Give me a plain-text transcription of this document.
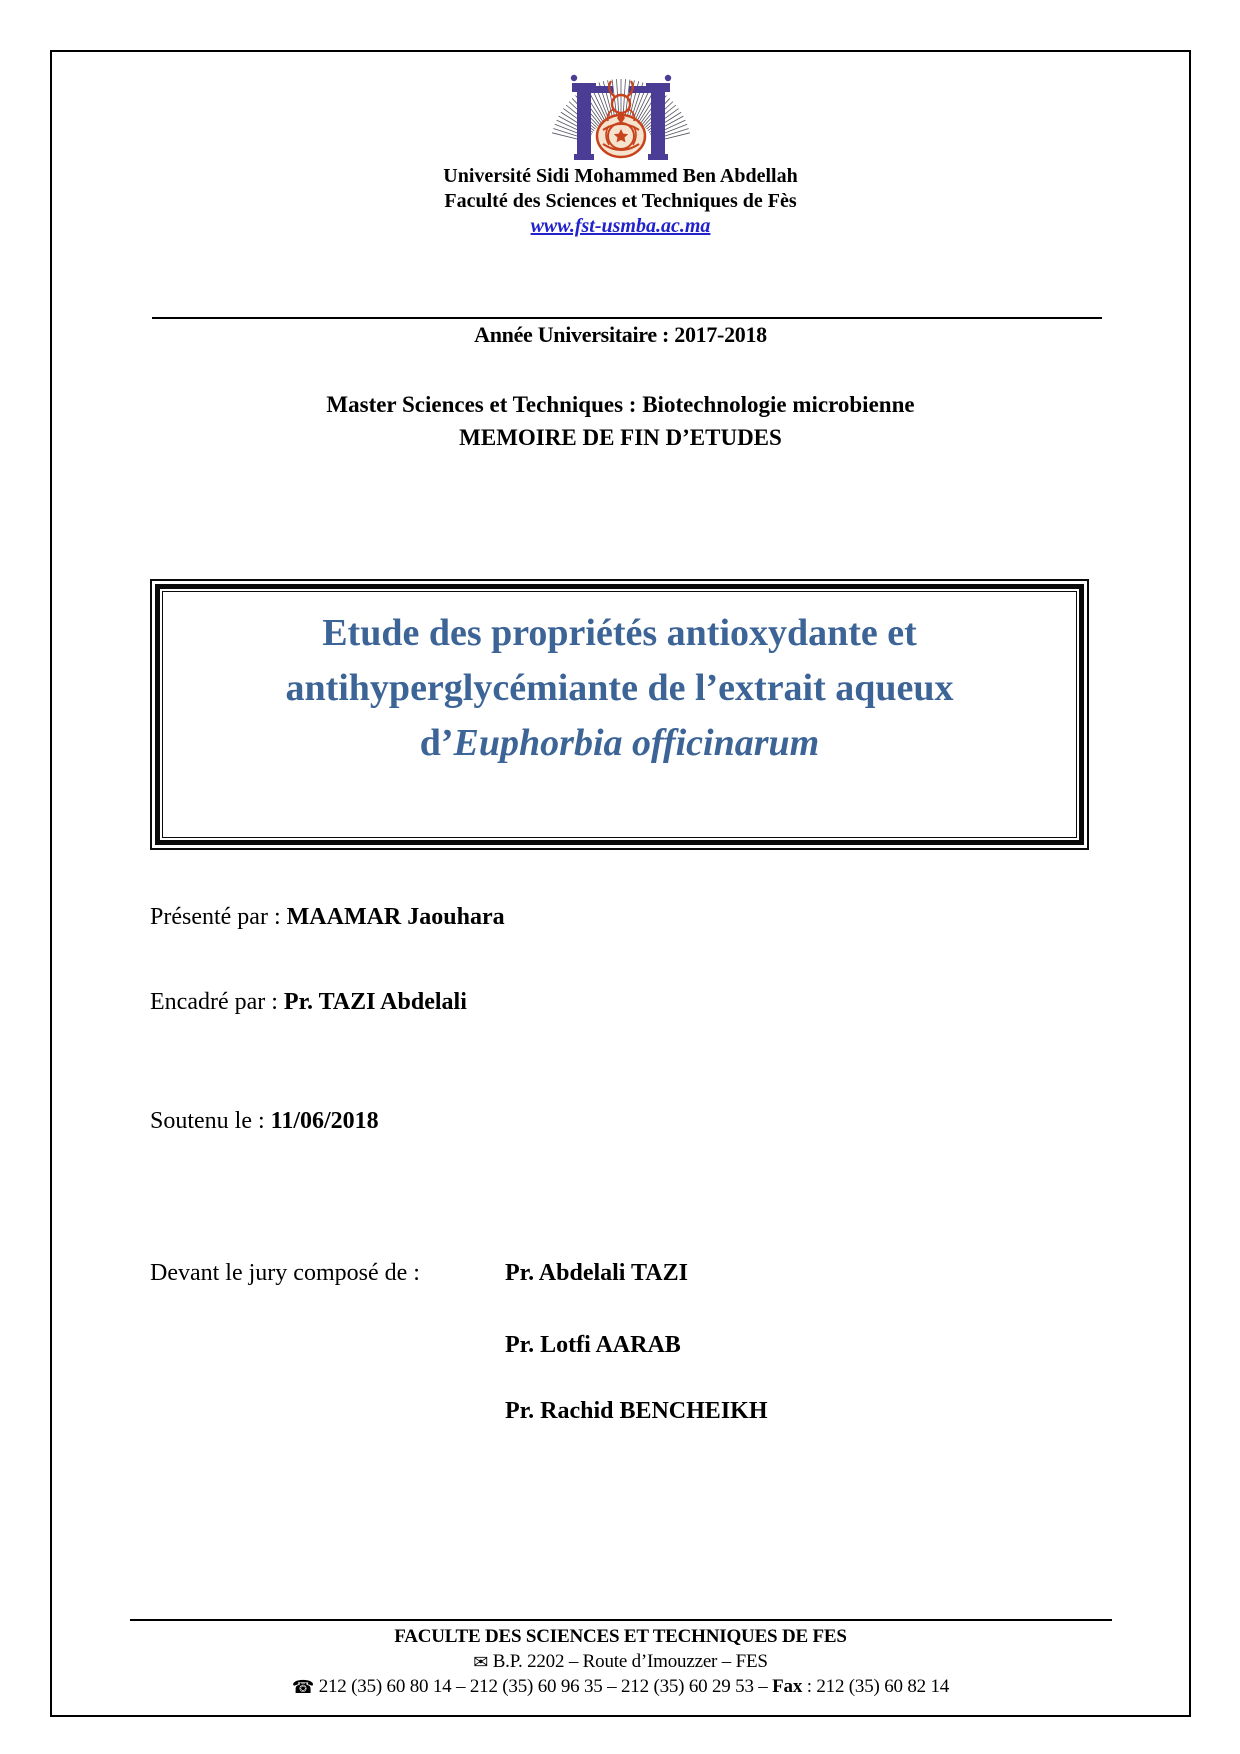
Université Sidi Mohammed Ben Abdellah
Faculté des Sciences et Techniques de Fès
www.fst-usmba.ac.ma
Année Universitaire : 2017-2018
Master Sciences et Techniques : Biotechnologie microbienne
MEMOIRE DE FIN D’ETUDES
Etude des propriétés antioxydante et
antihyperglycémiante de l’extrait aqueux
d’Euphorbia officinarum
Présenté par : MAAMAR Jaouhara
Encadré par : Pr. TAZI Abdelali
Soutenu le : 11/06/2018
Devant le jury composé de :	Pr. Abdelali TAZI
Pr. Lotfi AARAB
Pr. Rachid BENCHEIKH
FACULTE DES SCIENCES ET TECHNIQUES DE FES
✉ B.P. 2202 – Route d’Imouzzer – FES
☎ 212 (35) 60 80 14 – 212 (35) 60 96 35 – 212 (35) 60 29 53 – Fax : 212 (35) 60 82 14
